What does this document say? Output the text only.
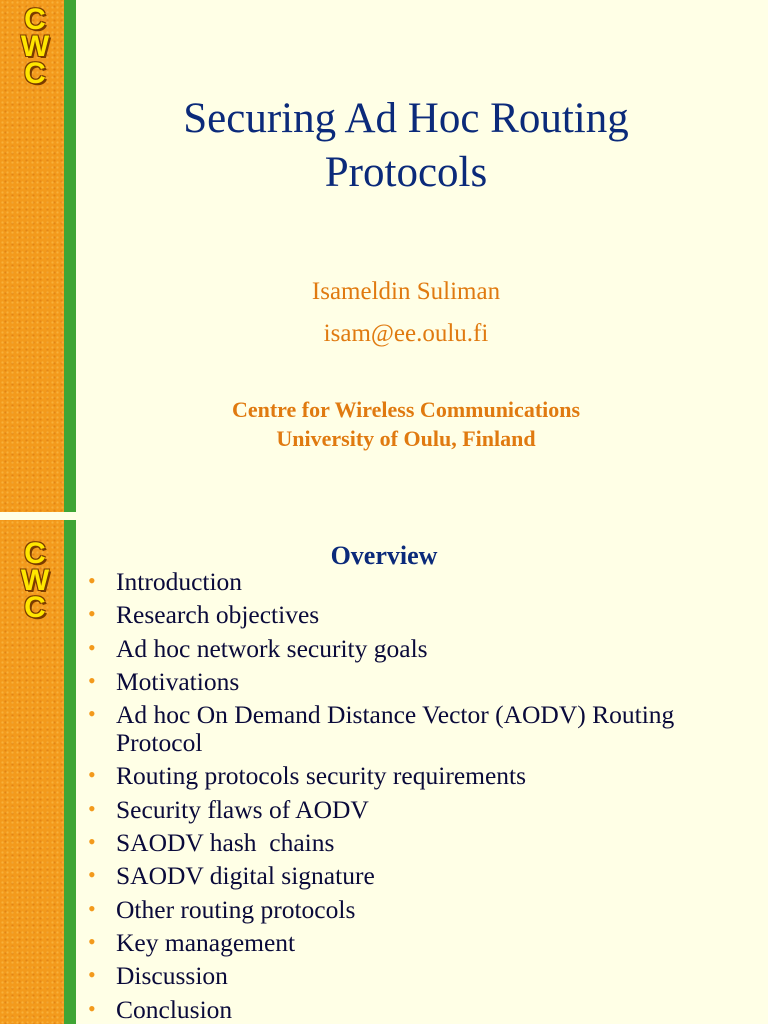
C
W
C
Securing Ad Hoc Routing
Protocols
Isameldin Suliman
isam@ee.oulu.fi
Centre for Wireless Communications
University of Oulu, Finland
C
W
C
Overview
• Introduction
• Research objectives
• Ad hoc network security goals
• Motivations
• Ad hoc On Demand Distance Vector (AODV) Routing Protocol
• Routing protocols security requirements
• Security flaws of AODV
• SAODV hash  chains
• SAODV digital signature
• Other routing protocols
• Key management
• Discussion
• Conclusion
